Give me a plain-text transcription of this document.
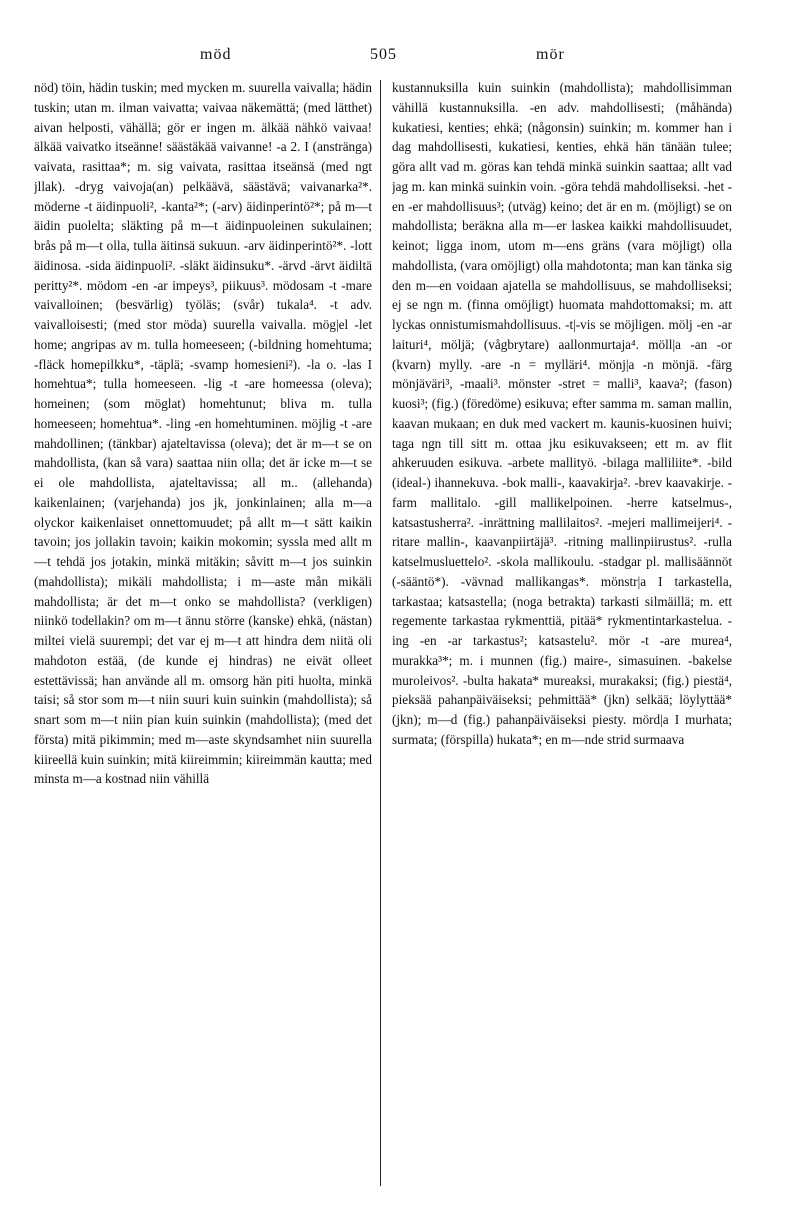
möd	505	mör

nöd) töin, hädin tuskin; med mycken m. suurella vaivalla; hädin tuskin; utan m. ilman vaivatta; vaivaa näkemättä; (med lätthet) aivan helposti, vähällä; gör er ingen m. älkää nähkö vaivaa! älkää vaivatko itseänne! säästäkää vaivanne! -a 2. I (anstränga) vaivata, rasittaa*; m. sig vaivata, rasittaa itseänsä (med ngt jllak). -dryg vaivoja(an) pelkäävä, säästävä; vaivanarka²*. möderne -t äidinpuoli², -kanta²*; (-arv) äidinperintö²*; på m—t äidin puolelta; släkting på m—t äidinpuoleinen sukulainen; brås på m—t olla, tulla äitinsä sukuun. -arv äidinperintö²*. -lott äidinosa. -sida äidinpuoli². -släkt äidinsuku*. -ärvd -ärvt äidiltä peritty²*. mödom -en -ar impeys³, piikuus³. mödosam -t -mare vaivalloinen; (besvärlig) työläs; (svår) tukala⁴. -t adv. vaivalloisesti; (med stor möda) suurella vaivalla. mög|el -let home; angripas av m. tulla homeeseen; (-bildning homehtuma; -fläck homepilkku*, -täplä; -svamp homesieni²). -la o. -las I homehtua*; tulla homeeseen. -lig -t -are homeessa (oleva); homeinen; (som möglat) homehtunut; bliva m. tulla homeeseen; homehtua*. -ling -en homehtuminen. möjlig -t -are mahdollinen; (tänkbar) ajateltavissa (oleva); det är m—t se on mahdollista, (kan så vara) saattaa niin olla; det är icke m—t se ei ole mahdollista, ajateltavissa; all m.. (allehanda) kaikenlainen; (varjehanda) jos jk, jonkinlainen; alla m—a olyckor kaikenlaiset onnettomuudet; på allt m—t sätt kaikin tavoin; jos jollakin tavoin; kaikin mokomin; syssla med allt m—t tehdä jos jotakin, minkä mitäkin; såvitt m—t jos suinkin (mahdollista); mikäli mahdollista; i m—aste mån mikäli mahdollista; är det m—t onko se mahdollista? (verkligen) niinkö todellakin? om m—t ännu större (kanske) ehkä, (nästan) miltei vielä suurempi; det var ej m—t att hindra dem niitä oli mahdoton estää, (de kunde ej hindras) ne eivät olleet estettävissä; han använde all m. omsorg hän piti huolta, minkä taisi; så stor som m—t niin suuri kuin suinkin (mahdollista); så snart som m—t niin pian kuin suinkin (mahdollista); (med det första) mitä pikimmin; med m—aste skyndsamhet niin suurella kiireellä kuin suinkin; mitä kiireimmin; kiireimmän kautta; med minsta m—a kostnad niin vähillä

kustannuksilla kuin suinkin (mahdollista); mahdollisimman vähillä kustannuksilla. -en adv. mahdollisesti; (måhända) kukatiesi, kenties; ehkä; (någonsin) suinkin; m. kommer han i dag mahdollisesti, kukatiesi, kenties, ehkä hän tänään tulee; göra allt vad m. göras kan tehdä minkä suinkin saattaa; allt vad jag m. kan minkä suinkin voin. -göra tehdä mahdolliseksi. -het -en -er mahdollisuus³; (utväg) keino; det är en m. (möjligt) se on mahdollista; beräkna alla m—er laskea kaikki mahdollisuudet, keinot; ligga inom, utom m—ens gräns (vara möjligt) olla mahdollista, (vara omöjligt) olla mahdotonta; man kan tänka sig den m—en voidaan ajatella se mahdollisuus, se mahdolliseksi; ej se ngn m. (finna omöjligt) huomata mahdottomaksi; m. att lyckas onnistumismahdollisuus. -t|-vis se möjligen. mölj -en -ar laituri⁴, möljä; (vågbrytare) aallonmurtaja⁴. möll|a -an -or (kvarn) mylly. -are -n = mylläri⁴. mönj|a -n mönjä. -färg mönjäväri³, -maali³. mönster -stret = malli³, kaava²; (fason) kuosi³; (fig.) (föredöme) esikuva; efter samma m. saman mallin, kaavan mukaan; en duk med vackert m. kaunis-kuosinen huivi; taga ngn till sitt m. ottaa jku esikuvakseen; ett m. av flit ahkeruuden esikuva. -arbete mallityö. -bilaga malliliite*. -bild (ideal-) ihannekuva. -bok malli-, kaavakirja². -brev kaavakirje. -farm mallitalo. -gill mallikelpoinen. -herre katselmus-, katsastusherra². -inrättning mallilaitos². -mejeri mallimeijeri⁴. -ritare mallin-, kaavanpiirtäjä³. -ritning mallinpiirustus². -rulla katselmusluettelo². -skola mallikoulu. -stadgar pl. mallisäännöt (-sääntö*). -vävnad mallikangas*. mönstr|a I tarkastella, tarkastaa; katsastella; (noga betrakta) tarkasti silmäillä; m. ett regemente tarkastaa rykmenttiä, pitää* rykmentintarkastelua. -ing -en -ar tarkastus²; katsastelu². mör -t -are murea⁴, murakka³*; m. i munnen (fig.) maire-, simasuinen. -bakelse muroleivos². -bulta hakata* mureaksi, murakaksi; (fig.) piestä⁴, pieksää pahanpäiväiseksi; pehmittää* (jkn) selkää; löylyttää* (jkn); m—d (fig.) pahanpäiväiseksi piesty. mörd|a I murhata; surmata; (förspilla) hukata*; en m—nde strid surmaava
